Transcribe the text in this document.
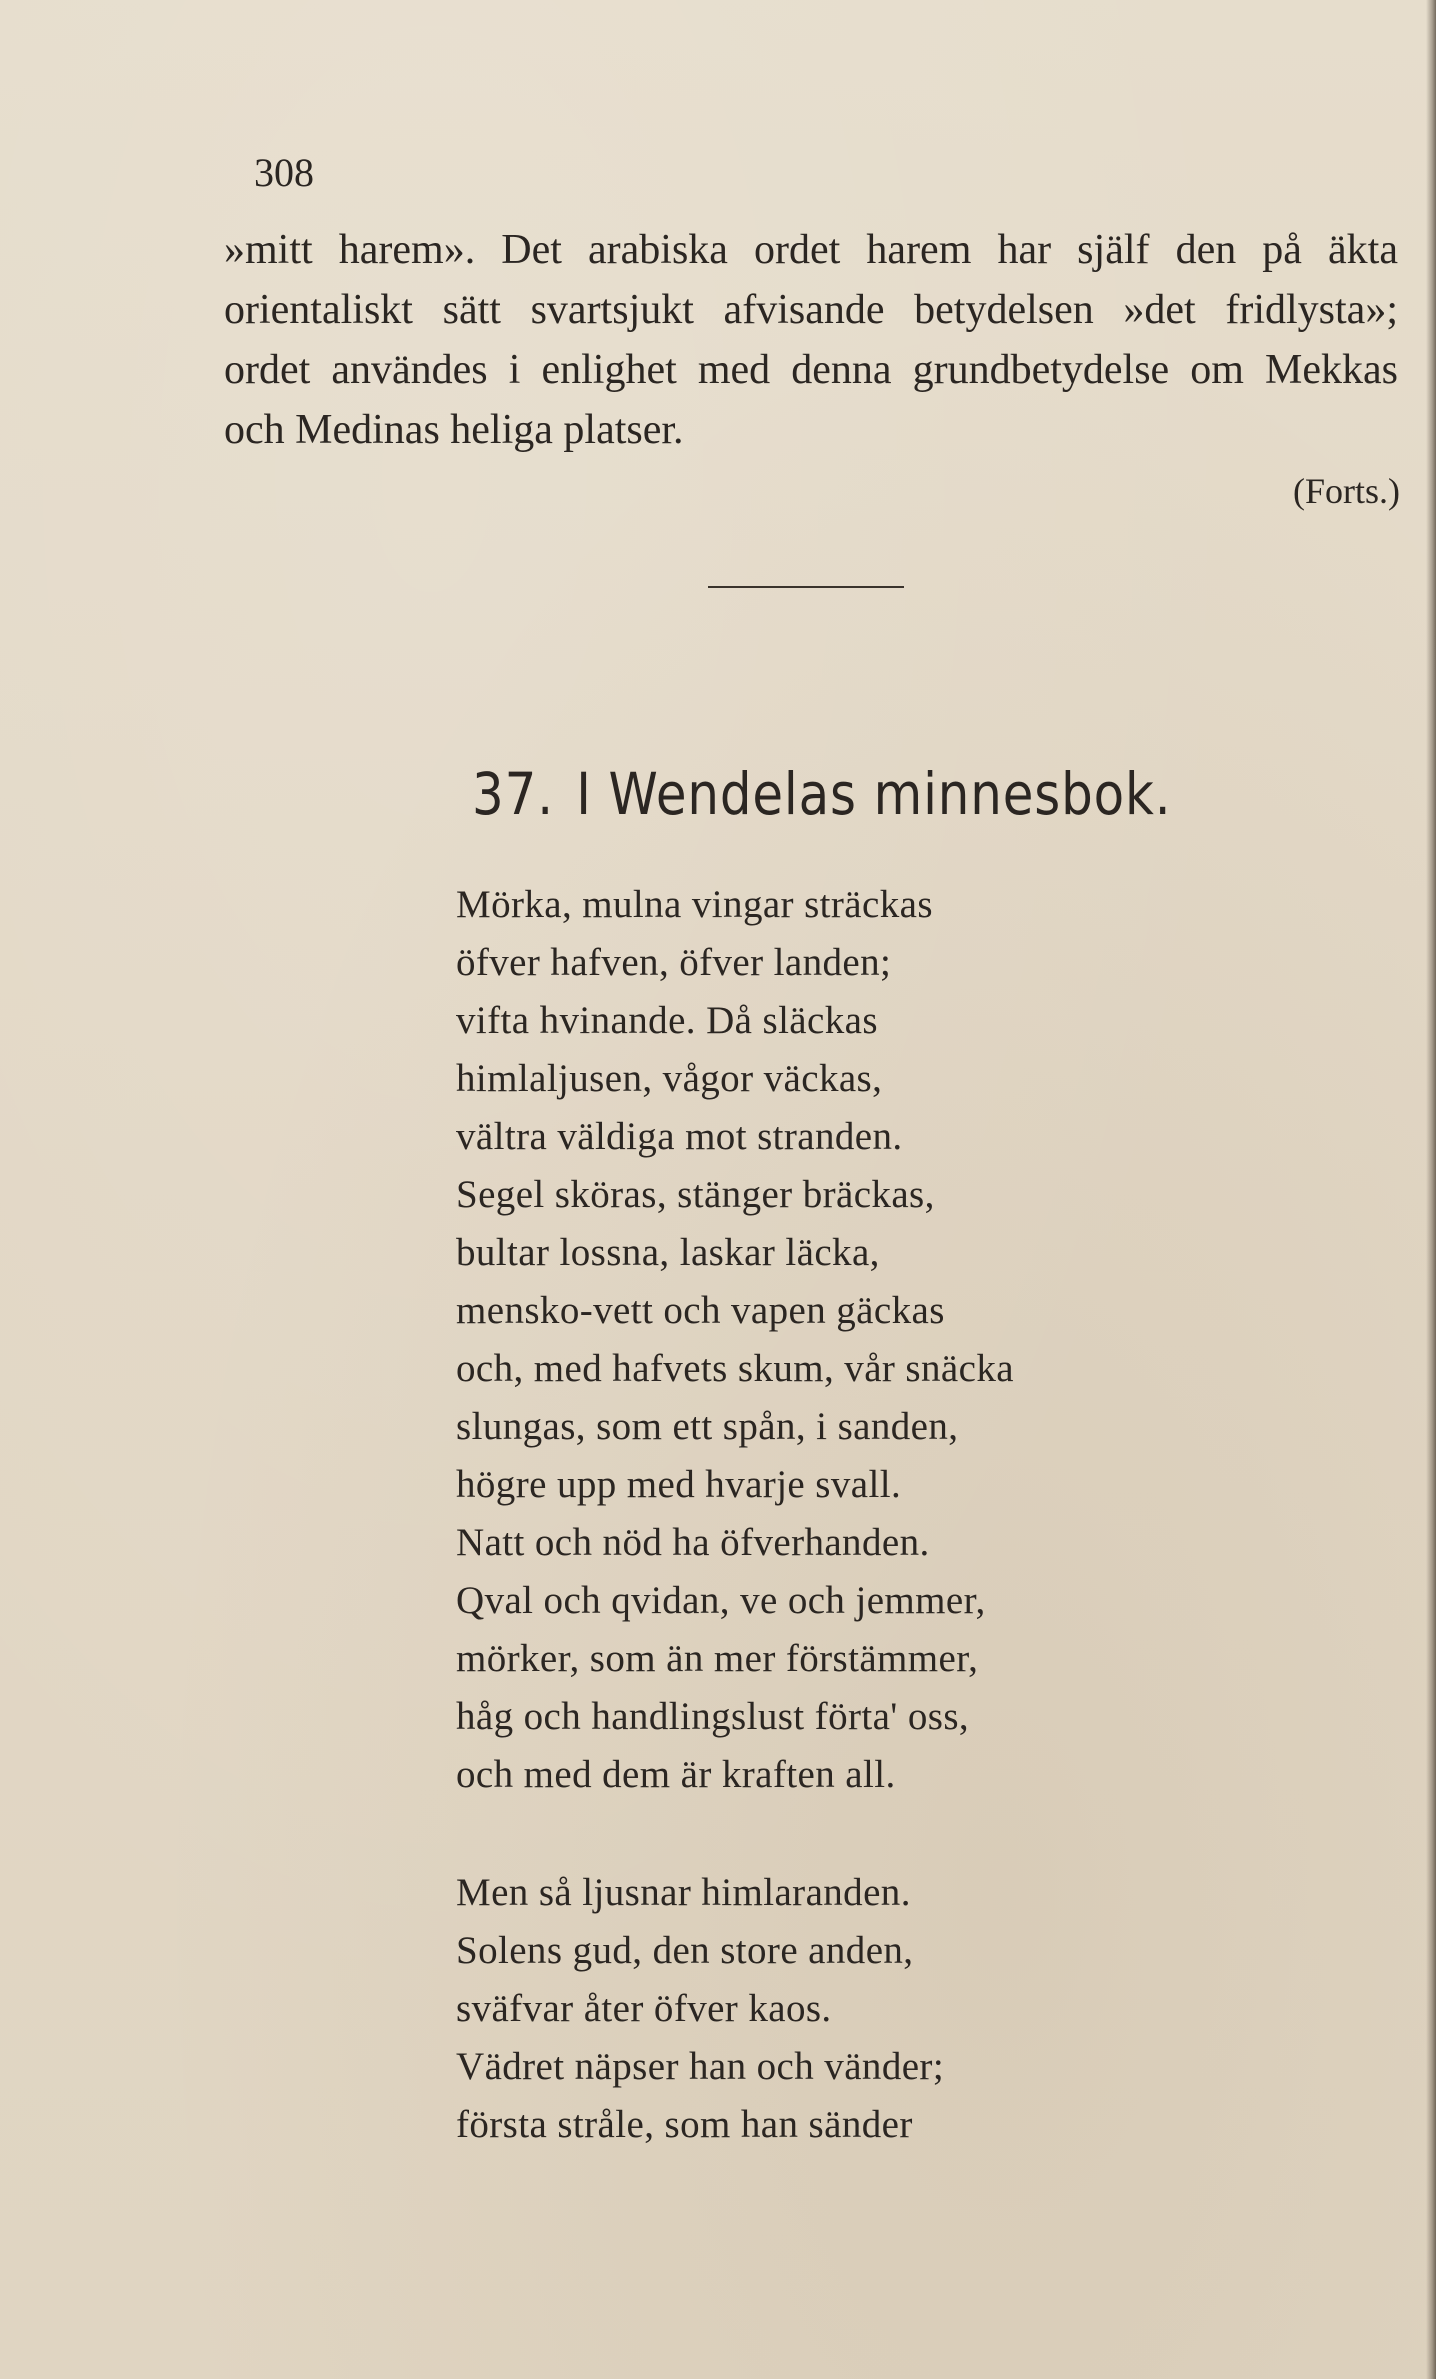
308

»mitt harem». Det arabiska ordet harem har själf den på äkta
orientaliskt sätt svartsjukt afvisande betydelsen »det fridlysta»;
ordet användes i enlighet med denna grundbetydelse om Mekkas
och Medinas heliga platser.

(Forts.)

37. I Wendelas minnesbok.
Mörka, mulna vingar sträckas
öfver hafven, öfver landen;
vifta hvinande. Då släckas
himlaljusen, vågor väckas,
vältra väldiga mot stranden.
Segel sköras, stänger bräckas,
bultar lossna, laskar läcka,
mensko-vett och vapen gäckas
och, med hafvets skum, vår snäcka
slungas, som ett spån, i sanden,
högre upp med hvarje svall.
Natt och nöd ha öfverhanden.
Qval och qvidan, ve och jemmer,
mörker, som än mer förstämmer,
håg och handlingslust förta' oss,
och med dem är kraften all.
Men så ljusnar himlaranden.
Solens gud, den store anden,
sväfvar åter öfver kaos.
Vädret näpser han och vänder;
första stråle, som han sänder
